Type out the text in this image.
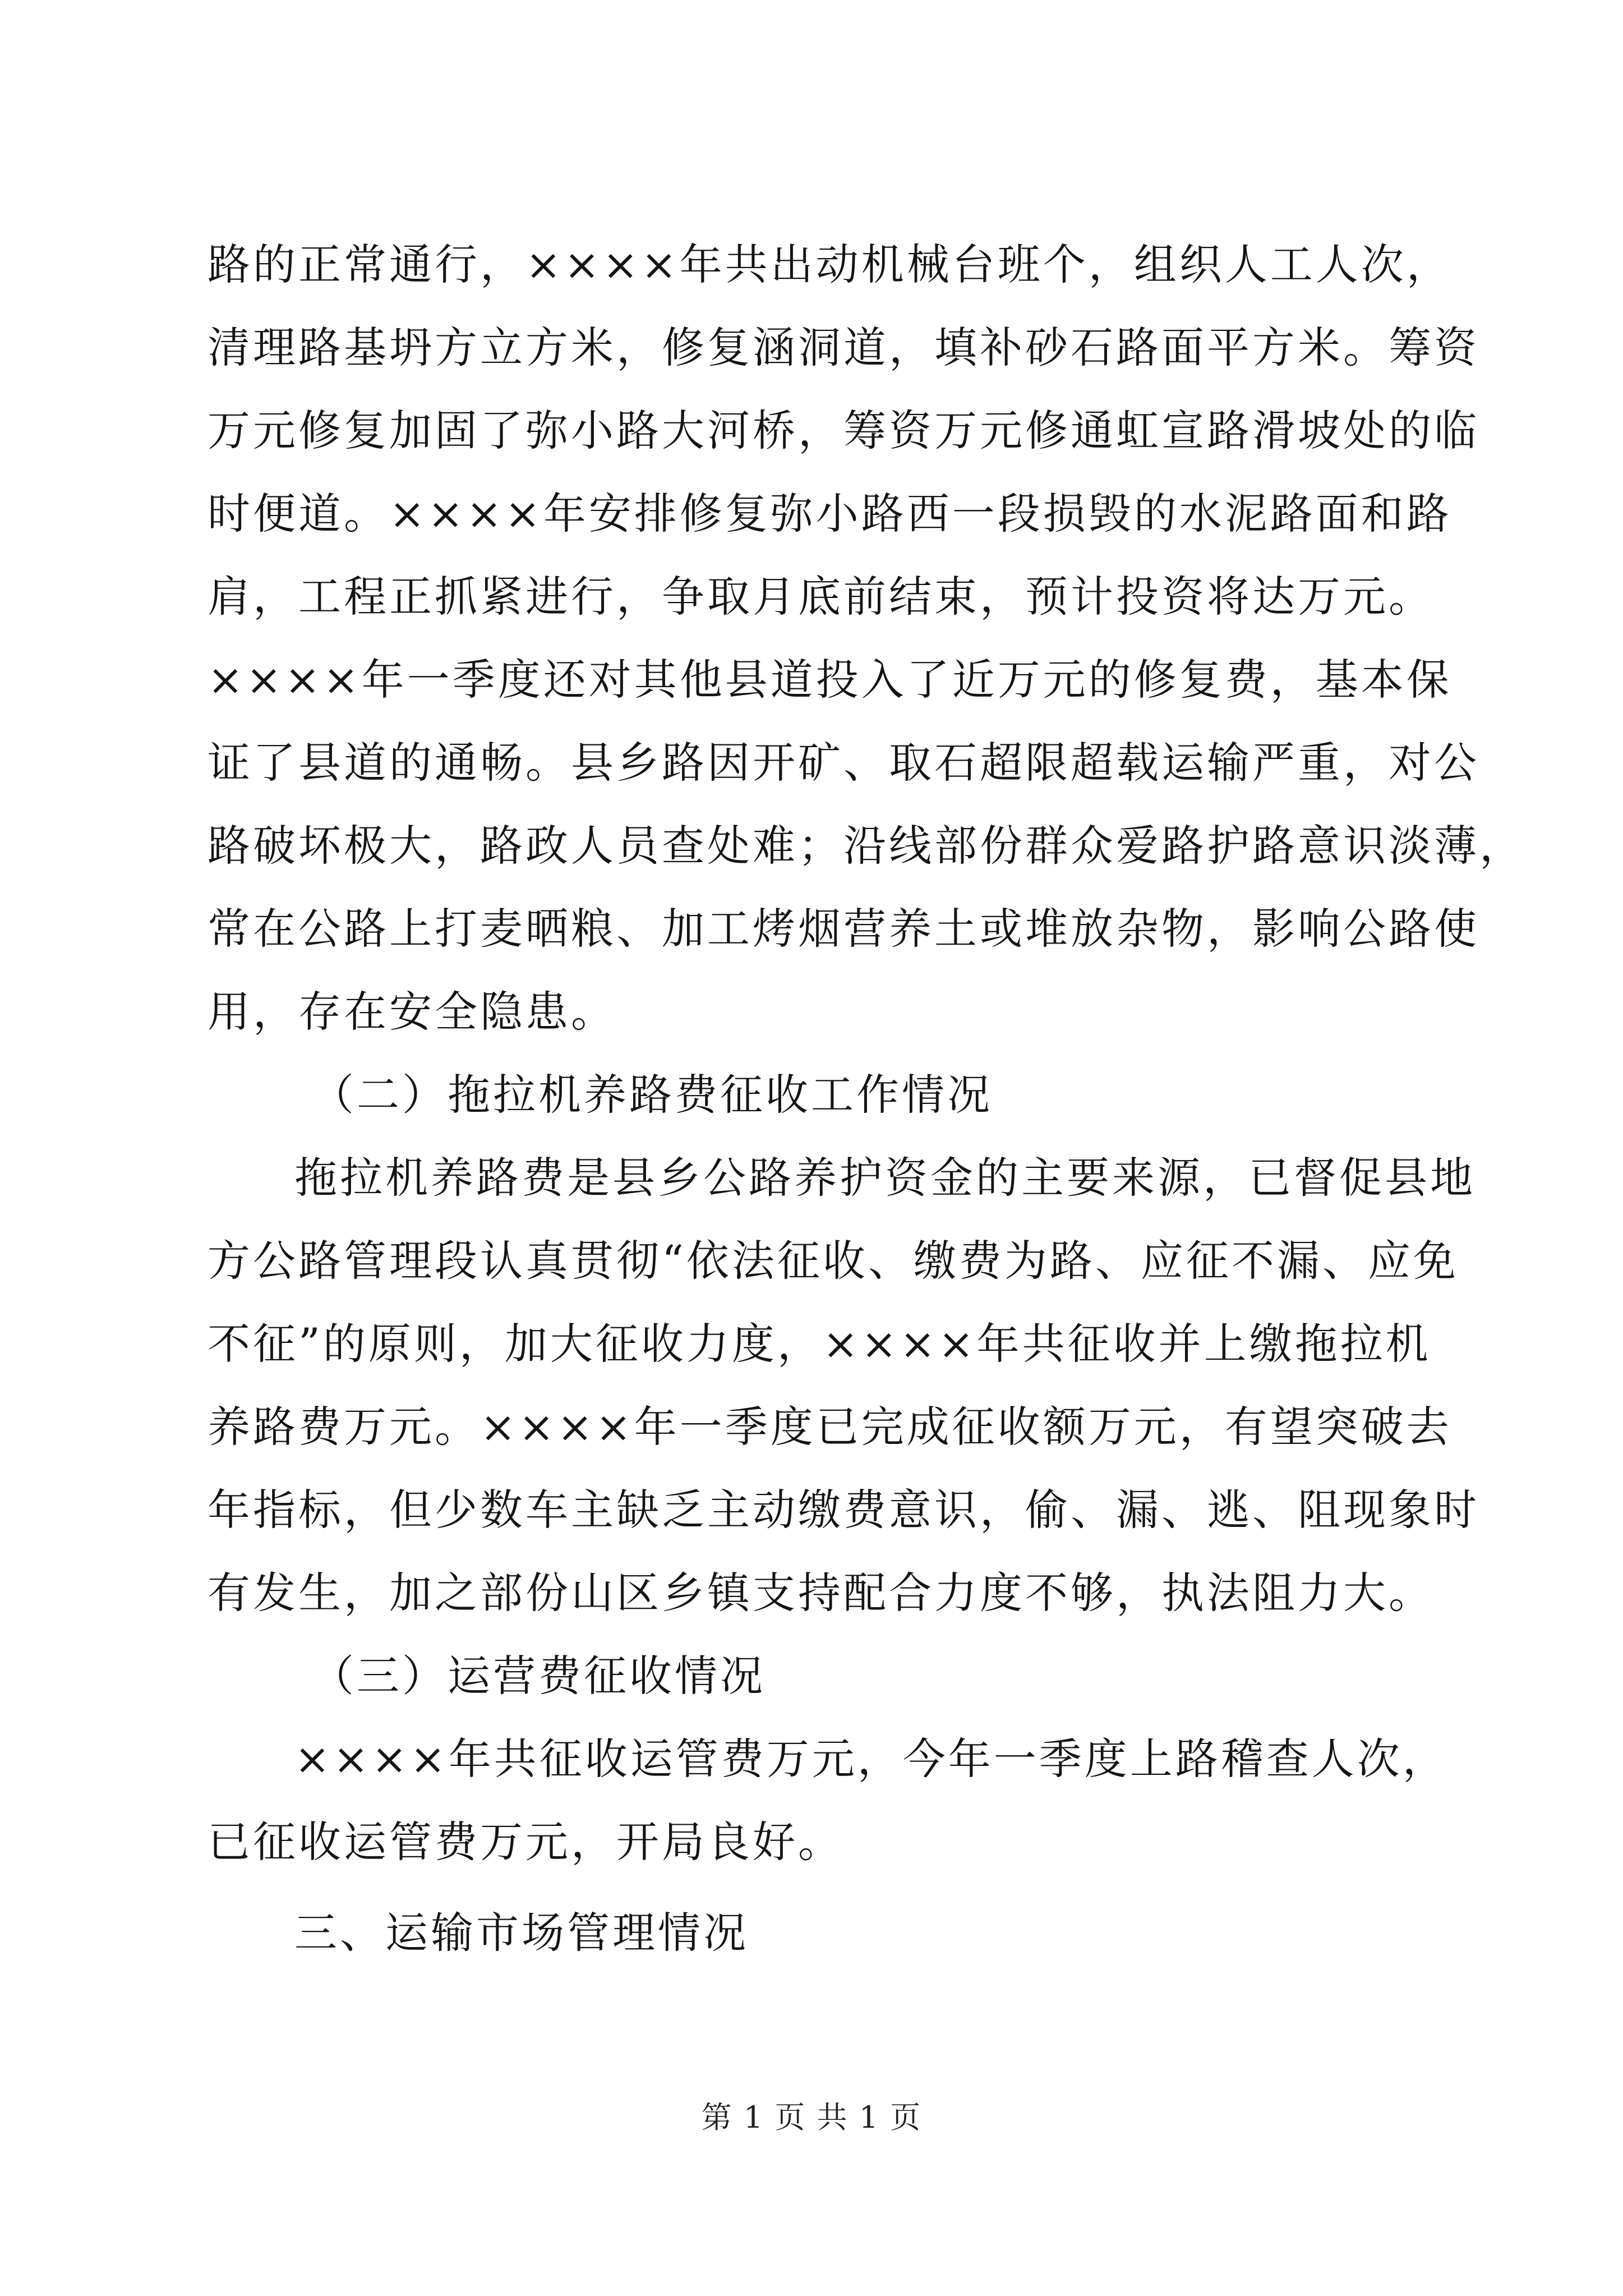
路的正常通行，××××年共出动机械台班个，组织人工人次，
清理路基坍方立方米，修复涵洞道，填补砂石路面平方米。筹资
万元修复加固了弥小路大河桥，筹资万元修通虹宣路滑坡处的临
时便道。××××年安排修复弥小路西一段损毁的水泥路面和路
肩，工程正抓紧进行，争取月底前结束，预计投资将达万元。
××××年一季度还对其他县道投入了近万元的修复费，基本保
证了县道的通畅。县乡路因开矿、取石超限超载运输严重，对公
路破坏极大，路政人员查处难；沿线部份群众爱路护路意识淡薄，
常在公路上打麦晒粮、加工烤烟营养土或堆放杂物，影响公路使
用，存在安全隐患。
（二）拖拉机养路费征收工作情况
拖拉机养路费是县乡公路养护资金的主要来源，已督促县地
方公路管理段认真贯彻“依法征收、缴费为路、应征不漏、应免
不征”的原则，加大征收力度，××××年共征收并上缴拖拉机
养路费万元。××××年一季度已完成征收额万元，有望突破去
年指标，但少数车主缺乏主动缴费意识，偷、漏、逃、阻现象时
有发生，加之部份山区乡镇支持配合力度不够，执法阻力大。
（三）运营费征收情况
××××年共征收运管费万元，今年一季度上路稽查人次，
已征收运管费万元，开局良好。
三、运输市场管理情况
第 1 页 共 1 页
